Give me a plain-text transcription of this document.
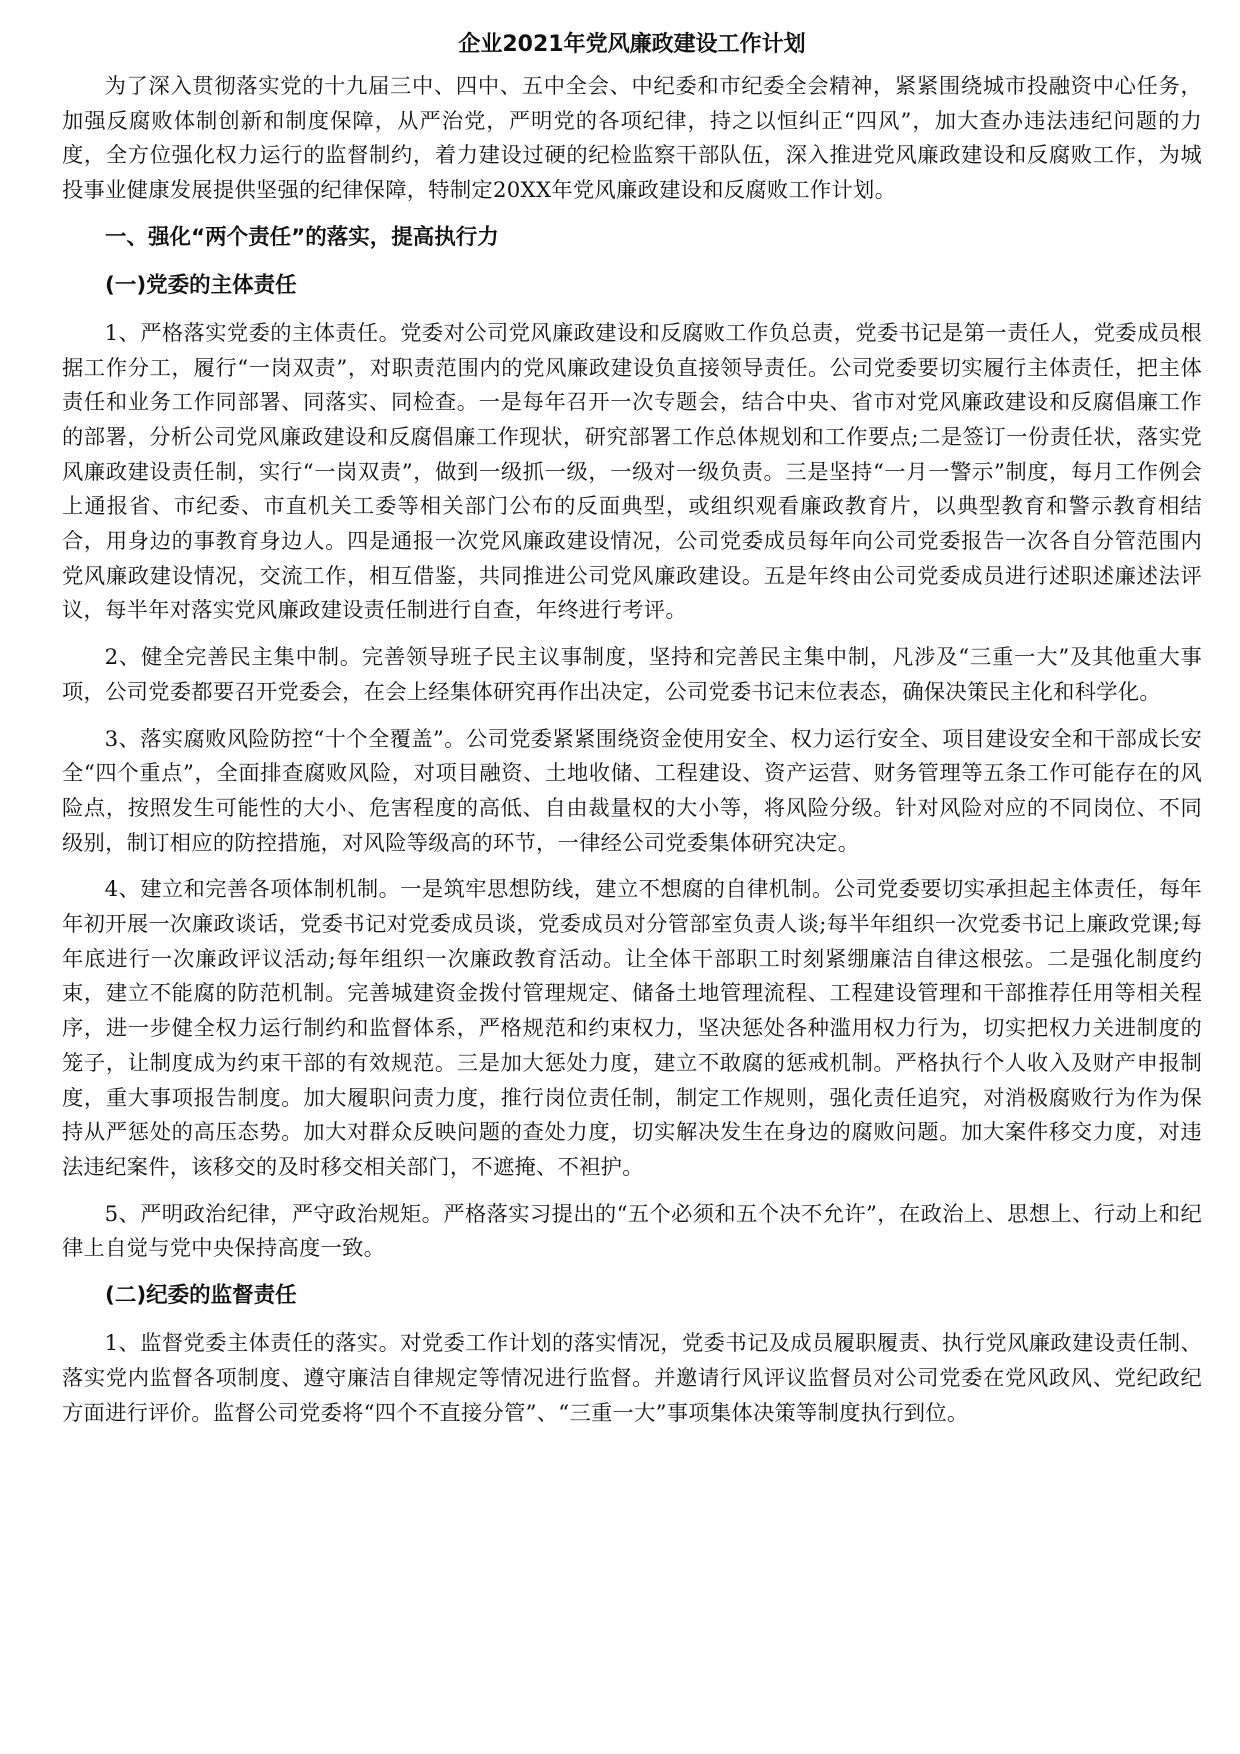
企业2021年党风廉政建设工作计划

为了深入贯彻落实党的十九届三中、四中、五中全会、中纪委和市纪委全会精神，紧紧围绕城市投融资中心任务，加强反腐败体制创新和制度保障，从严治党，严明党的各项纪律，持之以恒纠正“四风”，加大查办违法违纪问题的力度，全方位强化权力运行的监督制约，着力建设过硬的纪检监察干部队伍，深入推进党风廉政建设和反腐败工作，为城投事业健康发展提供坚强的纪律保障，特制定20XX年党风廉政建设和反腐败工作计划。

一、强化“两个责任”的落实，提高执行力
(一)党委的主体责任

1、严格落实党委的主体责任。党委对公司党风廉政建设和反腐败工作负总责，党委书记是第一责任人，党委成员根据工作分工，履行“一岗双责”，对职责范围内的党风廉政建设负直接领导责任。公司党委要切实履行主体责任，把主体责任和业务工作同部署、同落实、同检查。一是每年召开一次专题会，结合中央、省市对党风廉政建设和反腐倡廉工作的部署，分析公司党风廉政建设和反腐倡廉工作现状，研究部署工作总体规划和工作要点;二是签订一份责任状，落实党风廉政建设责任制，实行“一岗双责”，做到一级抓一级，一级对一级负责。三是坚持“一月一警示”制度，每月工作例会上通报省、市纪委、市直机关工委等相关部门公布的反面典型，或组织观看廉政教育片，以典型教育和警示教育相结合，用身边的事教育身边人。四是通报一次党风廉政建设情况，公司党委成员每年向公司党委报告一次各自分管范围内党风廉政建设情况，交流工作，相互借鉴，共同推进公司党风廉政建设。五是年终由公司党委成员进行述职述廉述法评议，每半年对落实党风廉政建设责任制进行自查，年终进行考评。

2、健全完善民主集中制。完善领导班子民主议事制度，坚持和完善民主集中制，凡涉及“三重一大”及其他重大事项，公司党委都要召开党委会，在会上经集体研究再作出决定，公司党委书记末位表态，确保决策民主化和科学化。

3、落实腐败风险防控“十个全覆盖”。公司党委紧紧围绕资金使用安全、权力运行安全、项目建设安全和干部成长安全“四个重点”，全面排查腐败风险，对项目融资、土地收储、工程建设、资产运营、财务管理等五条工作可能存在的风险点，按照发生可能性的大小、危害程度的高低、自由裁量权的大小等，将风险分级。针对风险对应的不同岗位、不同级别，制订相应的防控措施，对风险等级高的环节，一律经公司党委集体研究决定。

4、建立和完善各项体制机制。一是筑牢思想防线，建立不想腐的自律机制。公司党委要切实承担起主体责任，每年年初开展一次廉政谈话，党委书记对党委成员谈，党委成员对分管部室负责人谈;每半年组织一次党委书记上廉政党课;每年底进行一次廉政评议活动;每年组织一次廉政教育活动。让全体干部职工时刻紧绷廉洁自律这根弦。二是强化制度约束，建立不能腐的防范机制。完善城建资金拨付管理规定、储备土地管理流程、工程建设管理和干部推荐任用等相关程序，进一步健全权力运行制约和监督体系，严格规范和约束权力，坚决惩处各种滥用权力行为，切实把权力关进制度的笼子，让制度成为约束干部的有效规范。三是加大惩处力度，建立不敢腐的惩戒机制。严格执行个人收入及财产申报制度，重大事项报告制度。加大履职问责力度，推行岗位责任制，制定工作规则，强化责任追究，对消极腐败行为作为保持从严惩处的高压态势。加大对群众反映问题的查处力度，切实解决发生在身边的腐败问题。加大案件移交力度，对违法违纪案件，该移交的及时移交相关部门，不遮掩、不袒护。

5、严明政治纪律，严守政治规矩。严格落实习提出的“五个必须和五个决不允许”，在政治上、思想上、行动上和纪律上自觉与党中央保持高度一致。

(二)纪委的监督责任

1、监督党委主体责任的落实。对党委工作计划的落实情况，党委书记及成员履职履责、执行党风廉政建设责任制、落实党内监督各项制度、遵守廉洁自律规定等情况进行监督。并邀请行风评议监督员对公司党委在党风政风、党纪政纪方面进行评价。监督公司党委将“四个不直接分管”、“三重一大”事项集体决策等制度执行到位。
